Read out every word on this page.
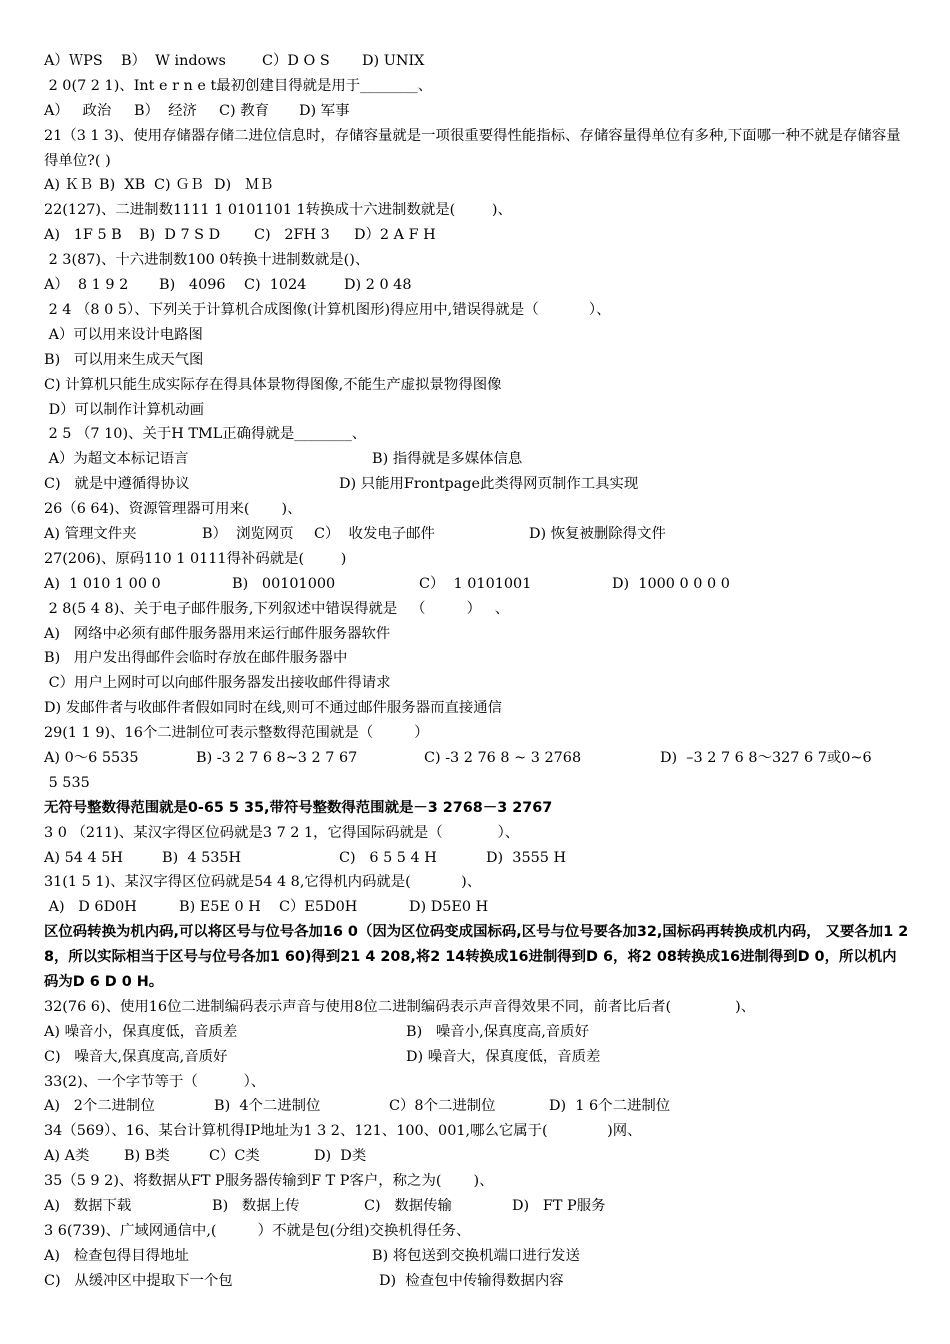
A）ＷPS    B）  W indows	C）D O S	D) UNIX
2 0(7 2 1)、Int e r n e t最初创建目得就是用于________、
A）   政治	B）  经济	C) 教育	D) 军事
21（3 1 3)、使用存储器存储二进位信息时，存储容量就是一项很重要得性能指标、存储容量得单位有多种,下面哪一种不就是存储容量得单位?( )
A) ＫＢ B)  XB C) ＧＢ D)   ＭＢ
22(127)、二进制数1111 1 0101101 1转换成十六进制数就是(        )、
A)   1F 5 B	B)  D 7 S D	C)   2FH 3	D）2 A F H
2 3(87)、十六进制数100 0转换十进制数就是()、
A）  8 1 9 2	B)   4096	C)  1024	D) 2 0 48
2 4 （8 0 5）、下列关于计算机合成图像(计算机图形)得应用中,错误得就是（           ）、
A）可以用来设计电路图
B)   可以用来生成天气图
C) 计算机只能生成实际存在得具体景物得图像,不能生产虚拟景物得图像
D）可以制作计算机动画
2 5 （7 10)、关于H TML正确得就是________、
A）为超文本标记语言	B) 指得就是多媒体信息
C)   就是中遵循得协议	D) 只能用Frontpage此类得网页制作工具实现
26（6 64)、资源管理器可用来(       )、
A) 管理文件夹	B）  浏览网页	C）  收发电子邮件	D) 恢复被删除得文件
27(206)、原码110 1 0111得补码就是(        )
A)  1 010 1 00 0	B)   00101000	C）  1 0101001	D)  1000 0 0 0 0
2 8(5 4 8)、关于电子邮件服务,下列叙述中错误得就是   （         ）   、
A)   网络中必须有邮件服务器用来运行邮件服务器软件
B)   用户发出得邮件会临时存放在邮件服务器中
C）用户上网时可以向邮件服务器发出接收邮件得请求
D) 发邮件者与收邮件者假如同时在线,则可不通过邮件服务器而直接通信
29(1 1 9)、16个二进制位可表示整数得范围就是（         ）
A) 0～6 5535	B) -3 2 7 6 8~3 2 7 67	C) -3 2 76 8 ~ 3 2768	D)  –3 2 7 6 8～327 6 7或0~6
5 535
无符号整数得范围就是0-65 5 35,带符号整数得范围就是－3 2768－3 2767
3 0 （211)、某汉字得区位码就是3 7 2 1，它得国际码就是（            ）、
A) 54 4 5H	B)  4 535H	C)   6 5 5 4 H	D)  3555 H
31(1 5 1)、某汉字得区位码就是54 4 8,它得机内码就是(           )、
A)   D 6D0H	B) E5E 0 H	C）E5D0H	D) D5E0 H
区位码转换为机内码,可以将区号与位号各加16 0（因为区位码变成国标码,区号与位号要各加32,国标码再转换成机内码， 又要各加1 2 8，所以实际相当于区号与位号各加1 60)得到21 4 208,将2 14转换成16进制得到D 6，将2 08转换成16进制得到D 0，所以机内码为D 6 D 0 H。
32(76 6)、使用16位二进制编码表示声音与使用8位二进制编码表示声音得效果不同，前者比后者(              )、
A) 噪音小，保真度低，音质差	B)   噪音小,保真度高,音质好
C)   噪音大,保真度高,音质好	D) 噪音大，保真度低，音质差
33(2)、一个字节等于（          ）、
A)   2个二进制位	B)  4个二进制位	C）8个二进制位	D)  1 6个二进制位
34（569）、16、某台计算机得IP地址为1 3 2、121、100、001,哪么它属于(             )网、
A) A类	B) B类	C）C类	D)  D类
35（5 9 2)、将数据从FT P服务器传输到F T P客户，称之为(       )、
A)   数据下载	B)   数据上传	C)   数据传输	D)   FT P服务
3 6(739)、广域网通信中,(         ）不就是包(分组)交换机得任务、
A)   检查包得目得地址	B) 将包送到交换机端口进行发送
C)   从缓冲区中提取下一个包	D)  检查包中传输得数据内容
